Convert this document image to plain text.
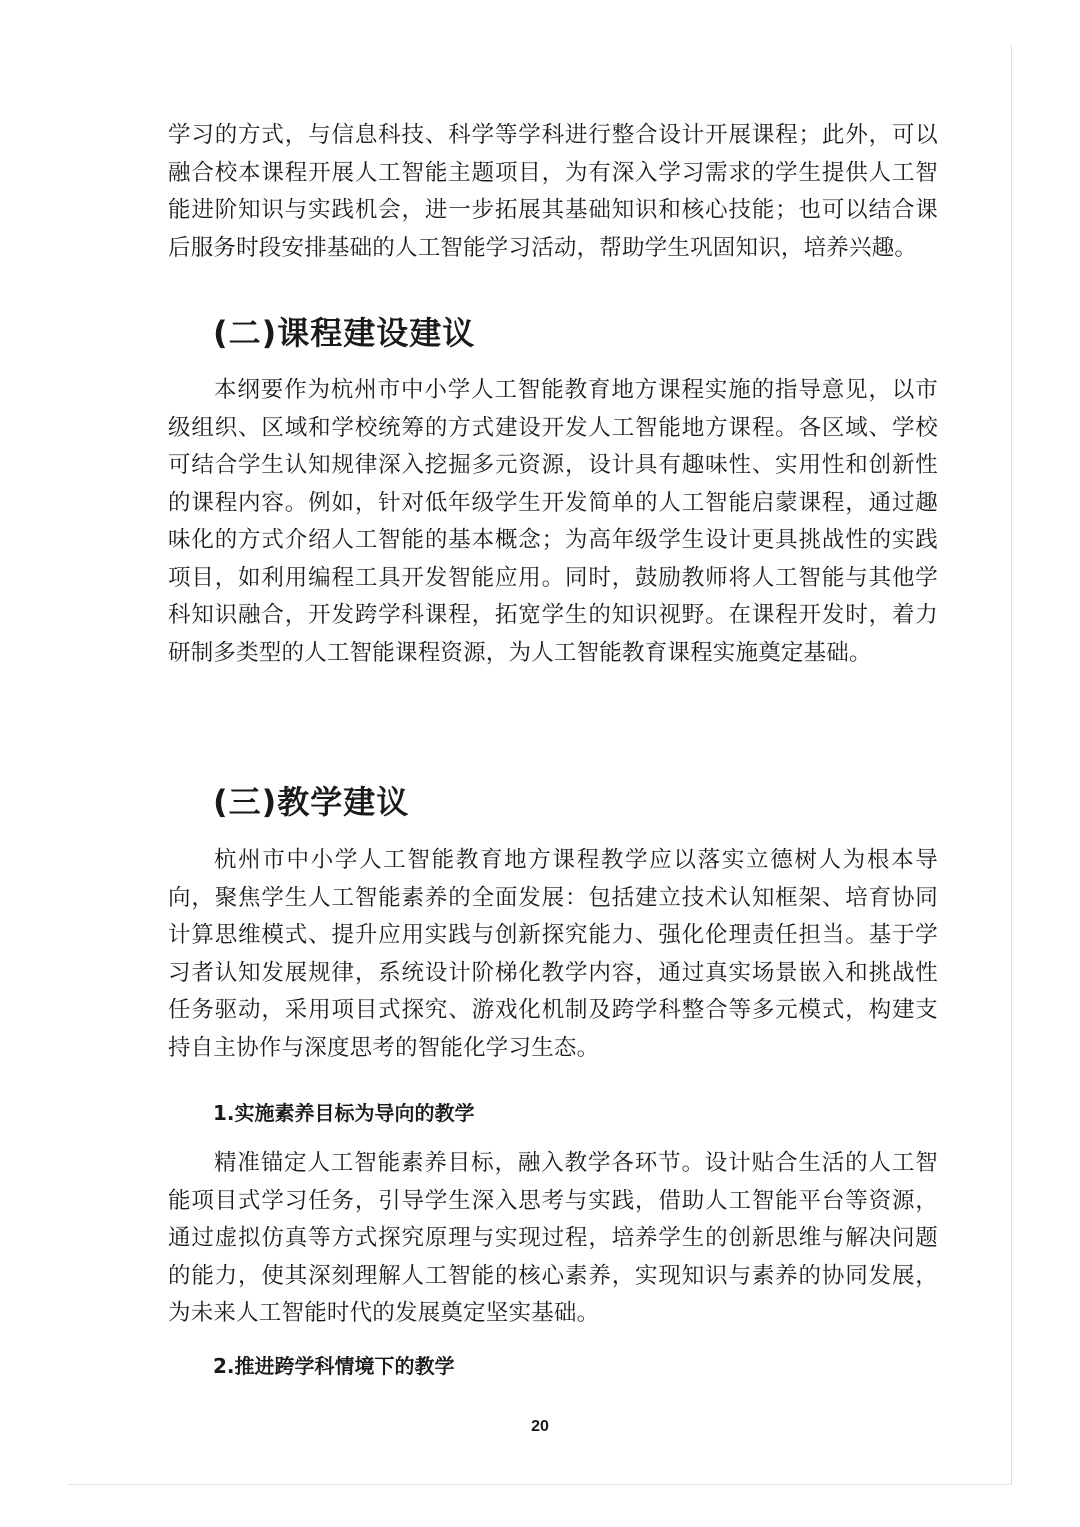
学习的方式，与信息科技、科学等学科进行整合设计开展课程；此外，可以融合校本课程开展人工智能主题项目，为有深入学习需求的学生提供人工智能进阶知识与实践机会，进一步拓展其基础知识和核心技能；也可以结合课后服务时段安排基础的人工智能学习活动，帮助学生巩固知识，培养兴趣。

(二)课程建设建议

本纲要作为杭州市中小学人工智能教育地方课程实施的指导意见，以市级组织、区域和学校统筹的方式建设开发人工智能地方课程。各区域、学校可结合学生认知规律深入挖掘多元资源，设计具有趣味性、实用性和创新性的课程内容。例如，针对低年级学生开发简单的人工智能启蒙课程，通过趣味化的方式介绍人工智能的基本概念；为高年级学生设计更具挑战性的实践项目，如利用编程工具开发智能应用。同时，鼓励教师将人工智能与其他学科知识融合，开发跨学科课程，拓宽学生的知识视野。在课程开发时，着力研制多类型的人工智能课程资源，为人工智能教育课程实施奠定基础。

(三)教学建议

杭州市中小学人工智能教育地方课程教学应以落实立德树人为根本导向，聚焦学生人工智能素养的全面发展：包括建立技术认知框架、培育协同计算思维模式、提升应用实践与创新探究能力、强化伦理责任担当。基于学习者认知发展规律，系统设计阶梯化教学内容，通过真实场景嵌入和挑战性任务驱动，采用项目式探究、游戏化机制及跨学科整合等多元模式，构建支持自主协作与深度思考的智能化学习生态。

1.实施素养目标为导向的教学

精准锚定人工智能素养目标，融入教学各环节。设计贴合生活的人工智能项目式学习任务，引导学生深入思考与实践，借助人工智能平台等资源，通过虚拟仿真等方式探究原理与实现过程，培养学生的创新思维与解决问题的能力，使其深刻理解人工智能的核心素养，实现知识与素养的协同发展，为未来人工智能时代的发展奠定坚实基础。

2.推进跨学科情境下的教学
20
